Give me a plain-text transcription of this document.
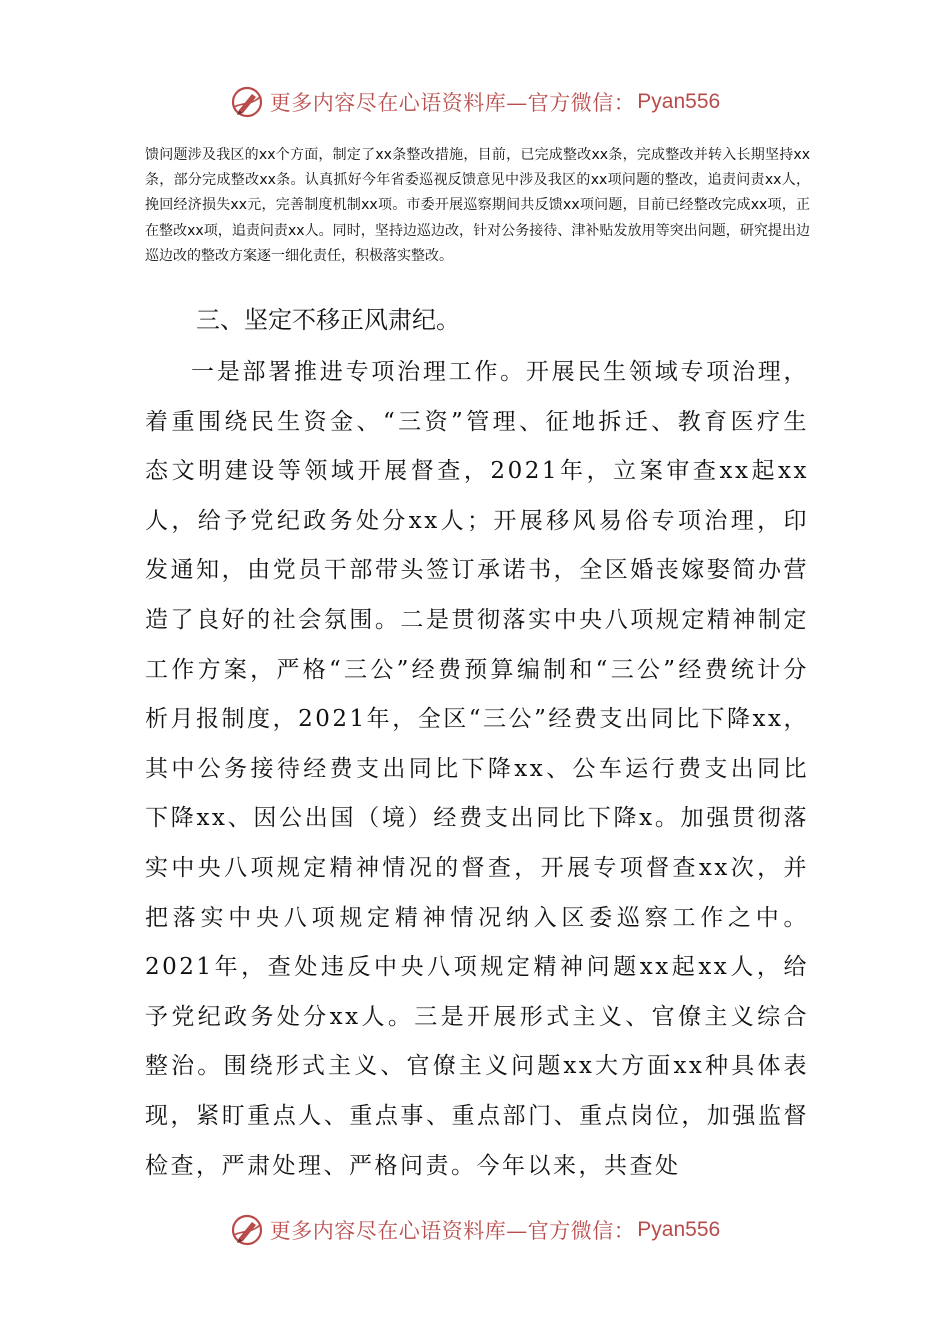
更多内容尽在心语资料库—官方微信： Pyan556

馈问题涉及我区的xx个方面，制定了xx条整改措施，目前，已完成整改xx条，完成整改并转入长期坚持xx条，部分完成整改xx条。认真抓好今年省委巡视反馈意见中涉及我区的xx项问题的整改，追责问责xx人，挽回经济损失xx元，完善制度机制xx项。市委开展巡察期间共反馈xx项问题，目前已经整改完成xx项，正在整改xx项，追责问责xx人。同时，坚持边巡边改，针对公务接待、津补贴发放用等突出问题，研究提出边巡边改的整改方案逐一细化责任，积极落实整改。

三、坚定不移正风肃纪。

一是部署推进专项治理工作。开展民生领域专项治理，着重围绕民生资金、“三资”管理、征地拆迁、教育医疗生态文明建设等领域开展督查，2021年，立案审查xx起xx人，给予党纪政务处分xx人；开展移风易俗专项治理，印发通知，由党员干部带头签订承诺书，全区婚丧嫁娶简办营造了良好的社会氛围。二是贯彻落实中央八项规定精神制定工作方案，严格“三公”经费预算编制和“三公”经费统计分析月报制度，2021年，全区“三公”经费支出同比下降xx，其中公务接待经费支出同比下降xx、公车运行费支出同比下降xx、因公出国（境）经费支出同比下降x。加强贯彻落实中央八项规定精神情况的督查，开展专项督查xx次，并把落实中央八项规定精神情况纳入区委巡察工作之中。2021年，查处违反中央八项规定精神问题xx起xx人，给予党纪政务处分xx人。三是开展形式主义、官僚主义综合整治。围绕形式主义、官僚主义问题xx大方面xx种具体表现，紧盯重点人、重点事、重点部门、重点岗位，加强监督检查，严肃处理、严格问责。今年以来，共查处

更多内容尽在心语资料库—官方微信： Pyan556
